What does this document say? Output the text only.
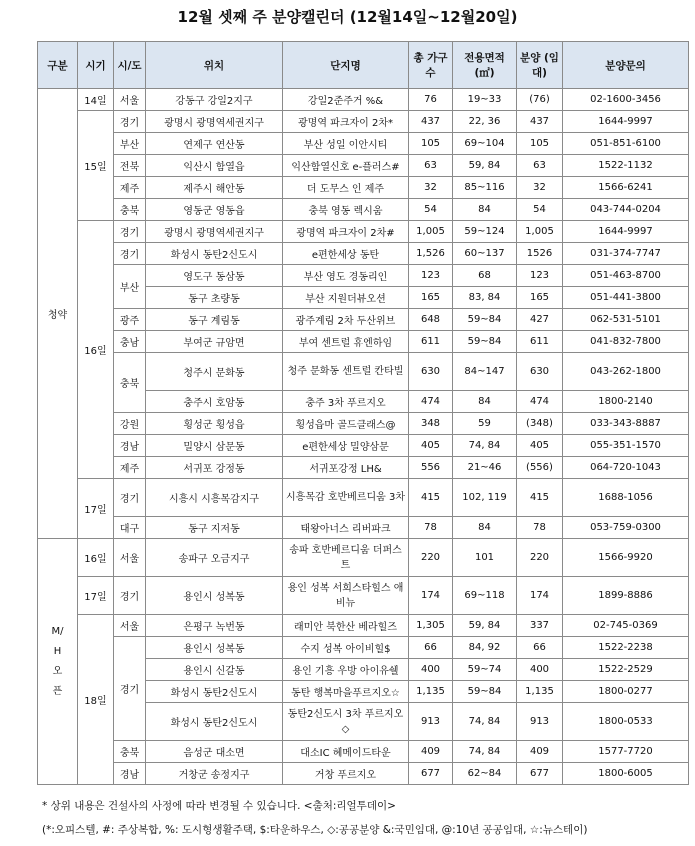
12월 셋째 주 분양캘린더 (12월14일~12월20일)
구분	시기	시/도	위치	단지명	총 가구수	전용면적 (㎡)	분양 (임대)	분양문의
청약	14일	서울	강동구 강일2지구	강일2준주거 %&	76	19~33	(76)	02-1600-3456
	15일	경기	광명시 광명역세권지구	광명역 파크자이 2차*	437	22, 36	437	1644-9997
		부산	연제구 연산동	부산 성일 이안시티	105	69~104	105	051-851-6100
		전북	익산시 함열읍	익산함열신호 e-플러스#	63	59, 84	63	1522-1132
		제주	제주시 해안동	더 도무스 인 제주	32	85~116	32	1566-6241
		충북	영동군 영동읍	충북 영동 렉시움	54	84	54	043-744-0204
	16일	경기	광명시 광명역세권지구	광명역 파크자이 2차#	1,005	59~124	1,005	1644-9997
		경기	화성시 동탄2신도시	e편한세상 동탄	1,526	60~137	1526	031-374-7747
		부산	영도구 동삼동	부산 영도 경동리인	123	68	123	051-463-8700
			동구 초량동	부산 지원더뷰오션	165	83, 84	165	051-441-3800
		광주	동구 계림동	광주계림 2차 두산위브	648	59~84	427	062-531-5101
		충남	부여군 규암면	부여 센트럴 휴엔하임	611	59~84	611	041-832-7800
		충북	청주시 문화동	청주 문화동 센트럴 칸타빌	630	84~147	630	043-262-1800
			충주시 호암동	충주 3차 푸르지오	474	84	474	1800-2140
		강원	횡성군 횡성읍	횡성읍마 골드클래스@	348	59	(348)	033-343-8887
		경남	밀양시 삼문동	e편한세상 밀양삼문	405	74, 84	405	055-351-1570
		제주	서귀포 강정동	서귀포강정 LH&	556	21~46	(556)	064-720-1043
	17일	경기	시흥시 시흥목감지구	시흥목감 호반베르디움 3차	415	102, 119	415	1688-1056
		대구	동구 지저동	태왕아너스 리버파크	78	84	78	053-759-0300
M/H오픈	16일	서울	송파구 오금지구	송파 호반베르디움 더퍼스트	220	101	220	1566-9920
	17일	경기	용인시 성복동	용인 성복 서희스타힐스 애비뉴	174	69~118	174	1899-8886
	18일	서울	은평구 녹번동	래미안 북한산 베라힐즈	1,305	59, 84	337	02-745-0369
		경기	용인시 성복동	수지 성복 아이비힐$	66	84, 92	66	1522-2238
			용인시 신갈동	용인 기흥 우방 아이유쉘	400	59~74	400	1522-2529
			화성시 동탄2신도시	동탄 행복마을푸르지오☆	1,135	59~84	1,135	1800-0277
			화성시 동탄2신도시	동탄2신도시 3차 푸르지오◇	913	74, 84	913	1800-0533
		충북	음성군 대소면	대소IC 혜메이드타운	409	74, 84	409	1577-7720
		경남	거창군 송정지구	거창 푸르지오	677	62~84	677	1800-6005
* 상위 내용은 건설사의 사정에 따라 변경될 수 있습니다. <출처:리얼투데이>
(*:오피스텔, #: 주상복합, %: 도시형생활주택, $:타운하우스, ◇:공공분양 &:국민임대, @:10년 공공임대, ☆:뉴스테이)
